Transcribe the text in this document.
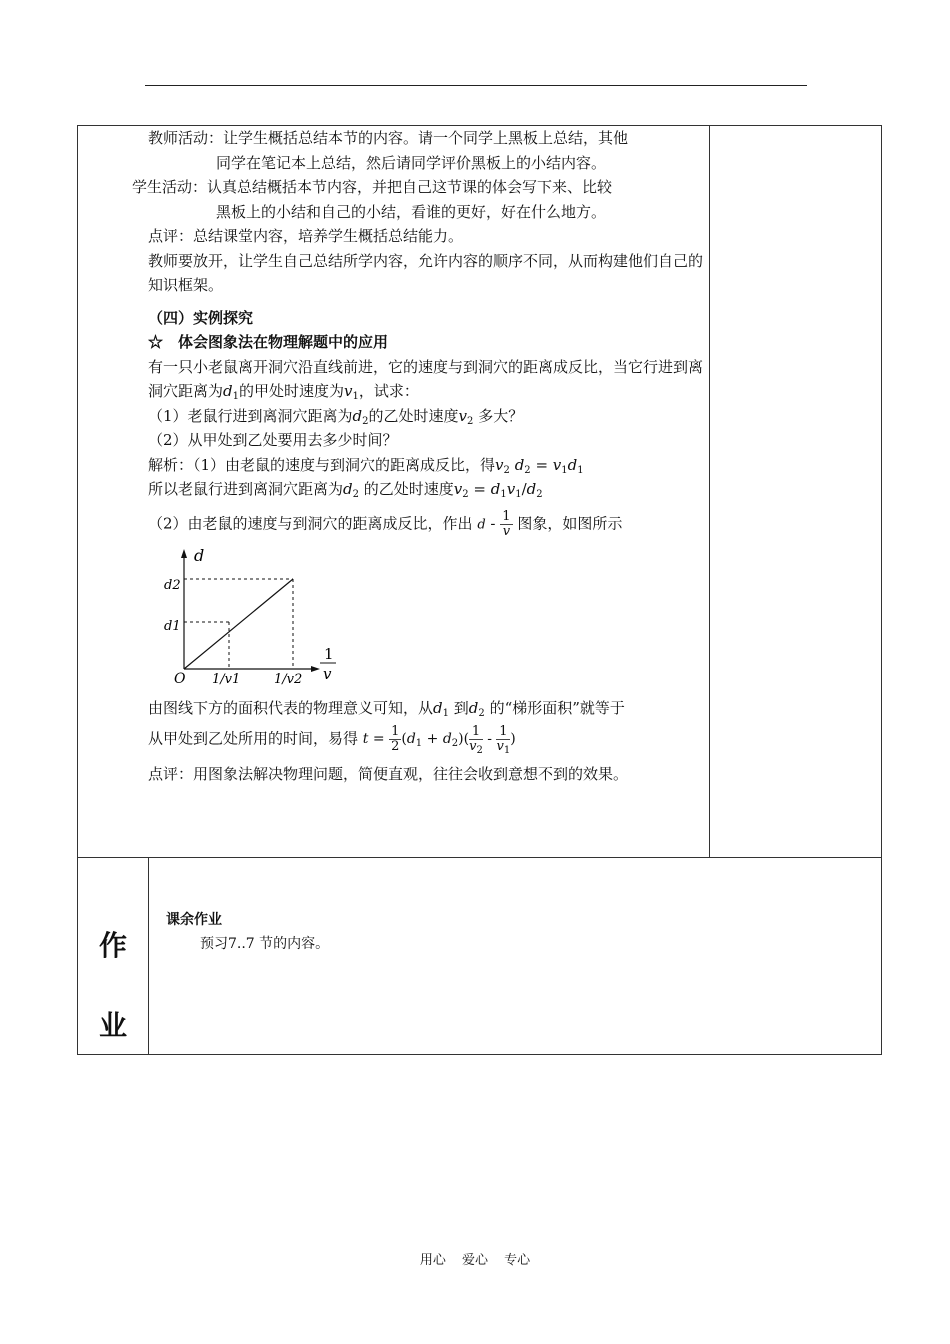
教师活动：让学生概括总结本节的内容。请一个同学上黑板上总结，其他

同学在笔记本上总结，然后请同学评价黑板上的小结内容。

学生活动：认真总结概括本节内容，并把自己这节课的体会写下来、比较

黑板上的小结和自己的小结，看谁的更好，好在什么地方。

点评：总结课堂内容，培养学生概括总结能力。

教师要放开，让学生自己总结所学内容，允许内容的顺序不同，从而构建他们自己的知识框架。

（四）实例探究

☆　体会图象法在物理解题中的应用

有一只小老鼠离开洞穴沿直线前进，它的速度与到洞穴的距离成反比，当它行进到离洞穴距离为$d_1$的甲处时速度为$v_1$，试求：

（1）老鼠行进到离洞穴距离为$d_2$的乙处时速度$v_2$ 多大？

（2）从甲处到乙处要用去多少时间？

解析：（1）由老鼠的速度与到洞穴的距离成反比，得$v_2$ $d_2 = v_1d_1$

所以老鼠行进到离洞穴距离为$d_2$ 的乙处时速度$v_2 = d_1v_1/d_2$

（2）由老鼠的速度与到洞穴的距离成反比，作出 d - $\frac{1}{v}$ 图象，如图所示

d
d2
d1
O 1/v1	1/v2
1
v

由图线下方的面积代表的物理意义可知，从$d_1$ 到$d_2$ 的“梯形面积”就等于

从甲处到乙处所用的时间，易得 $t = \frac{1}{2} (d_1 + d_2)( \frac{1}{v_2} - \frac{1}{v_1}$ )

点评：用图象法解决物理问题，简便直观，往往会收到意想不到的效果。

作
业
课余作业
预习7..7 节的内容。
用心 爱心 专心
